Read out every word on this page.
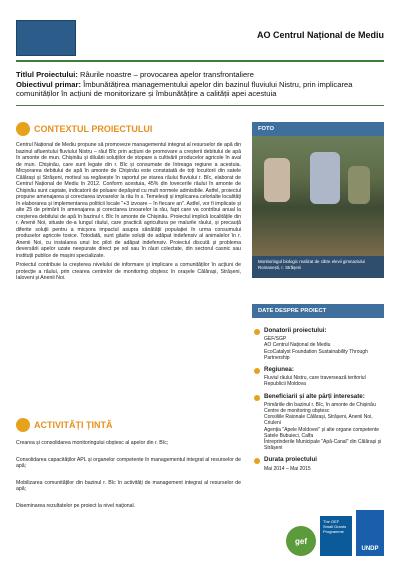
AO Centrul Național de Mediu
Titlul Proiectului: Râurile noastre – provocarea apelor transfrontaliere
Obiectivul primar: Îmbunătățirea managementului apelor din bazinul fluviului Nistru, prin implicarea comunităților în acțiuni de monitorizare și îmbunătățire a calității apei acestuia
CONTEXTUL PROIECTULUI

Centrul Național de Mediu propune să promoveze managementul integrat al resurselor de apă din bazinul afluentului fluviului Nistru – râul Bîc prin acțiuni de promovare a creșterii debitului de apă în amonte de mun. Chișinău și diluării soluțiilor de stopare a cultivării producelor agricole în aval de mun. Chișinău, care sunt legate din r. Bîc și consumate de întreaga regiune a acestuia. Micșorarea debitului de apă în amonte de Chișinău este constatată de toți locuitorii din satele Călărași și Strășeni, motivul sa regăsește în raportul pe starea râului fluviului r. Bîc, elaborat de Centrul Național de Mediu în 2012. Conform acestuia, 45% din lovecerile râului în amonte de Chișinău sunt captate, indicatorii de poluare depășind cu mult normele admisibile. Astfel, proiectul propune amenajarea și corectarea izvoarelor la râu în s. Temeleuți și implicarea celorlalte localități în elaborarea și implementarea politicii locale "+3 izvoare – în fiecare an". Astfel, vor fi implicate și alte 25 de primării în amenajarea și corectarea izvoarelor la râu, fapt care va contribui anual la creșterea debitului de apă în bazinul r. Bîc în amonte de Chișinău. Proiectul implică localitățile din r. Anenii Noi, situate de-a lungul râului, care practică agricultura pe malurile râului, și precauță diferite soluții pentru a micșora impactul asupra sănătății populației în urma consumului produselor agricole toxice. Totodată, sunt găsite soluții de adăpat indefensiv al animalelor în r. Anenii Noi, cu instalarea unui loc pilot de adăpat indefensiv. Proiectul discută și problema deversării apelor uzate neepurate direct pe sol sau în râuri colectate, din sectorul casnic sau instituții publice de mașini specializate.

Proiectul contribuie la creșterea nivelului de informare și implicare a comunităților în acțiuni de protecție a râului, prin crearea centrelor de monitoring obștesc în orașele Călărași, Strășeni, Ialoveni și Anenii Noi.

ACTIVITĂȚI ȚINTĂ

Crearea și consolidarea monitoringului obștesc al apelor din r. Bîc;

Consolidarea capacităților APL și organelor competente în managementul integrat al resurselor de apă;

Mobilizarea comunităților din bazinul r. Bîc în activități de management integrat al resurselor de apă;

Diseminarea rezultatelor pe proiect la nivel național.

FOTO
Monitoringul biologic realizat de către elevii gimnaziului Romanești, r. Strășeni
DATE DESPRE PROIECT
Donatorii proiectului:
GEF/SGP
AO Centrul Național de Mediu
EcoCatalyst Foundation Sustainability Through Partnership
Regiunea:
Fluviul râului Nistru, care traversează teritoriul Republicii Moldova
Beneficiarii și alte părți interesate:
Primăriile din bazinul r. Bîc, în amonte de Chișinău
Centre de monitoring obștesc
Consiliile Raionale Călărași, Strășeni, Anenii Noi, Criuleni
Agenția "Apele Moldovei" și alte organe competente
Satele Bubuieci, Calfa
Întreprinderile Municipale "Apă-Canal" din Călărași și Strășeni
Durata proiectului
Mai 2014 – Mai 2015
gef
The GEF Small Grants Programme
UNDP
